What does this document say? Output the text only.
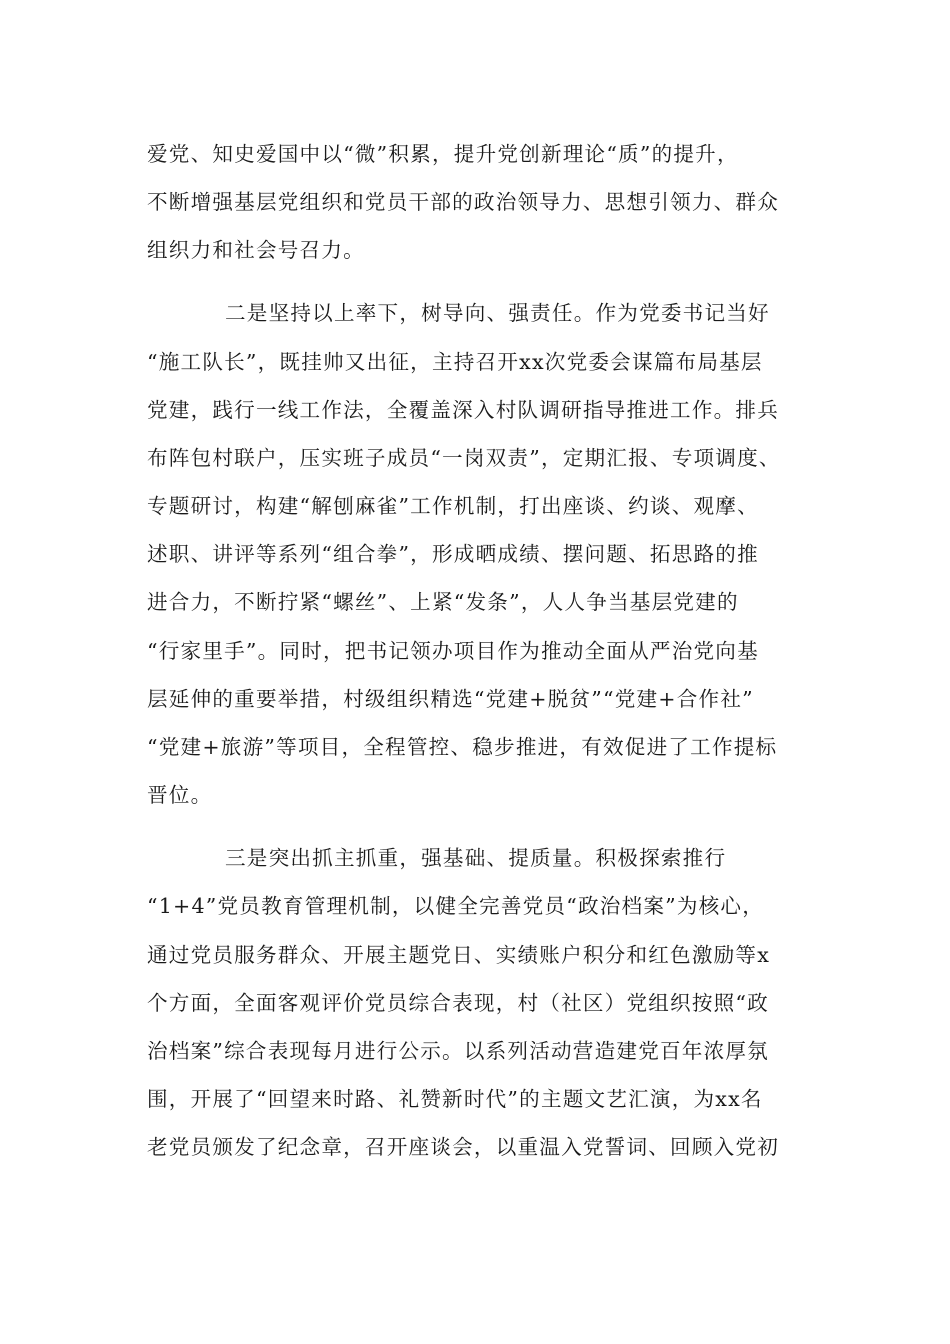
爱党、知史爱国中以“微”积累，提升党创新理论“质”的提升，
不断增强基层党组织和党员干部的政治领导力、思想引领力、群众
组织力和社会号召力。
二是坚持以上率下，树导向、强责任。作为党委书记当好
“施工队长”，既挂帅又出征，主持召开xx次党委会谋篇布局基层
党建，践行一线工作法，全覆盖深入村队调研指导推进工作。排兵
布阵包村联户，压实班子成员“一岗双责”，定期汇报、专项调度、
专题研讨，构建“解刨麻雀”工作机制，打出座谈、约谈、观摩、
述职、讲评等系列“组合拳”，形成晒成绩、摆问题、拓思路的推
进合力，不断拧紧“螺丝”、上紧“发条”，人人争当基层党建的
“行家里手”。同时，把书记领办项目作为推动全面从严治党向基
层延伸的重要举措，村级组织精选“党建+脱贫”“党建+合作社”
“党建+旅游”等项目，全程管控、稳步推进，有效促进了工作提标
晋位。
三是突出抓主抓重，强基础、提质量。积极探索推行
“1+4”党员教育管理机制，以健全完善党员“政治档案”为核心，
通过党员服务群众、开展主题党日、实绩账户积分和红色激励等x
个方面，全面客观评价党员综合表现，村（社区）党组织按照“政
治档案”综合表现每月进行公示。以系列活动营造建党百年浓厚氛
围，开展了“回望来时路、礼赞新时代”的主题文艺汇演，为xx名
老党员颁发了纪念章，召开座谈会，以重温入党誓词、回顾入党初
